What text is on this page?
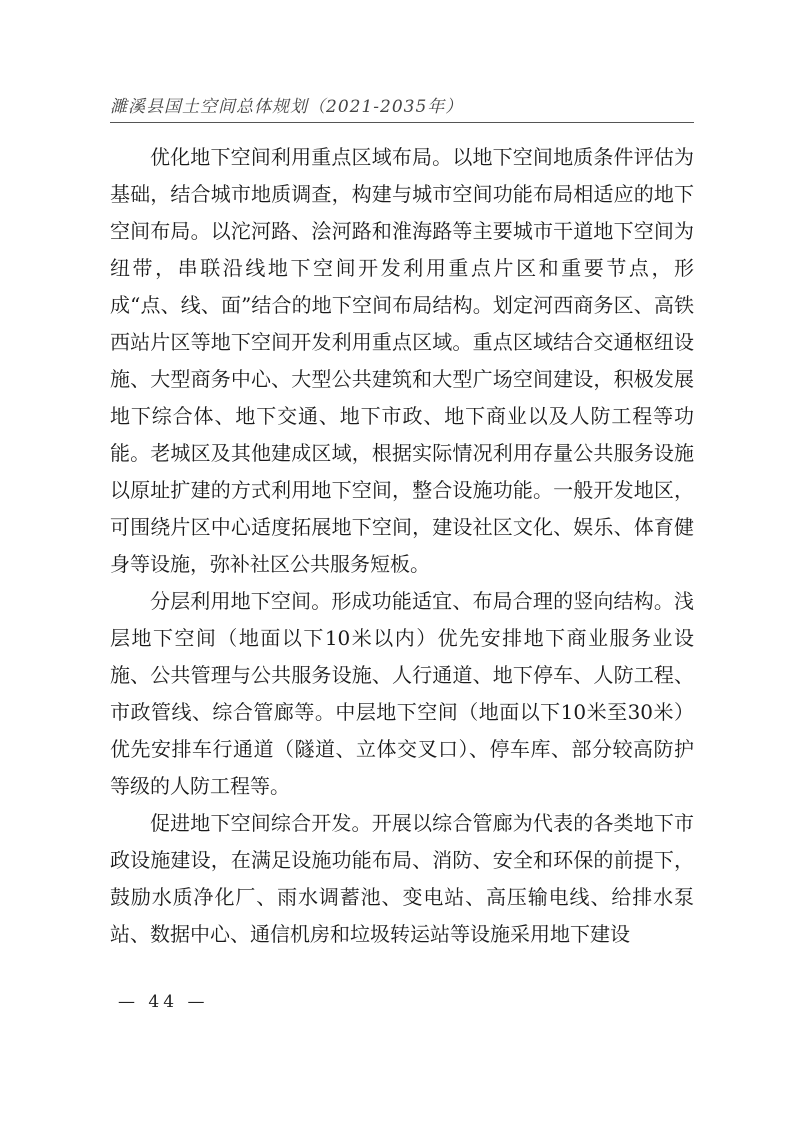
濉溪县国土空间总体规划（2021-2035年）

优化地下空间利用重点区域布局。以地下空间地质条件评估为基础，结合城市地质调查，构建与城市空间功能布局相适应的地下空间布局。以沱河路、浍河路和淮海路等主要城市干道地下空间为纽带，串联沿线地下空间开发利用重点片区和重要节点，形成“点、线、面”结合的地下空间布局结构。划定河西商务区、高铁西站片区等地下空间开发利用重点区域。重点区域结合交通枢纽设施、大型商务中心、大型公共建筑和大型广场空间建设，积极发展地下综合体、地下交通、地下市政、地下商业以及人防工程等功能。老城区及其他建成区域，根据实际情况利用存量公共服务设施以原址扩建的方式利用地下空间，整合设施功能。一般开发地区，可围绕片区中心适度拓展地下空间，建设社区文化、娱乐、体育健身等设施，弥补社区公共服务短板。

分层利用地下空间。形成功能适宜、布局合理的竖向结构。浅层地下空间（地面以下10米以内）优先安排地下商业服务业设施、公共管理与公共服务设施、人行通道、地下停车、人防工程、市政管线、综合管廊等。中层地下空间（地面以下10米至30米）优先安排车行通道（隧道、立体交叉口）、停车库、部分较高防护等级的人防工程等。

促进地下空间综合开发。开展以综合管廊为代表的各类地下市政设施建设，在满足设施功能布局、消防、安全和环保的前提下，鼓励水质净化厂、雨水调蓄池、变电站、高压输电线、给排水泵站、数据中心、通信机房和垃圾转运站等设施采用地下建设

— 44 —
